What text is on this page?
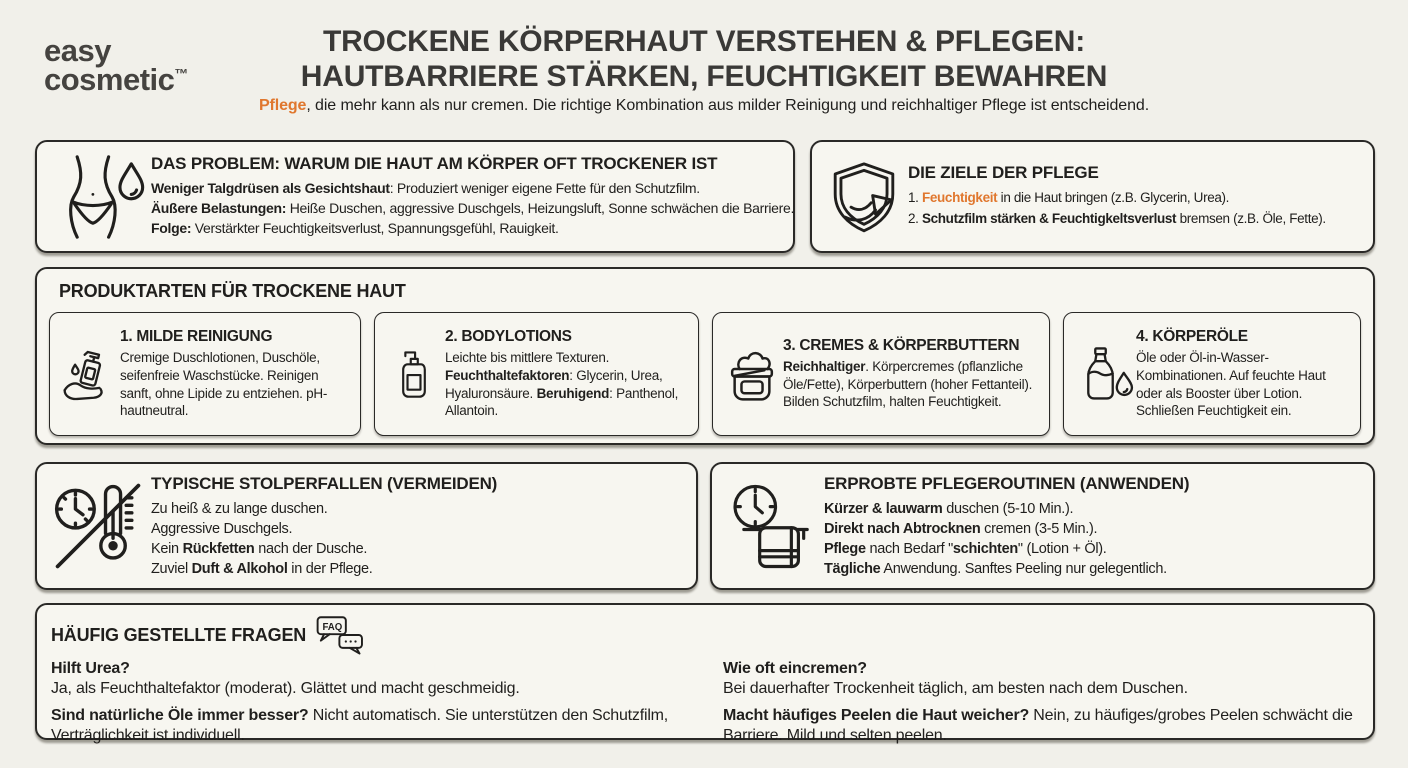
easy
cosmetic™
TROCKENE KÖRPERHAUT VERSTEHEN & PFLEGEN:
HAUTBARRIERE STÄRKEN, FEUCHTIGKEIT BEWAHREN
Pflege, die mehr kann als nur cremen. Die richtige Kombination aus milder Reinigung und reichhaltiger Pflege ist entscheidend.
DAS PROBLEM: WARUM DIE HAUT AM KÖRPER OFT TROCKENER IST
Weniger Talgdrüsen als Gesichtshaut: Produziert weniger eigene Fette für den Schutzfilm.
Äußere Belastungen: Heiße Duschen, aggressive Duschgels, Heizungsluft, Sonne schwächen die Barriere.
Folge: Verstärkter Feuchtigkeitsverlust, Spannungsgefühl, Rauigkeit.
DIE ZIELE DER PFLEGE
1. Feuchtigkeit in die Haut bringen (z.B. Glycerin, Urea).
2. Schutzfilm stärken & Feuchtigkeltsverlust bremsen (z.B. Öle, Fette).
PRODUKTARTEN FÜR TROCKENE HAUT
1. MILDE REINIGUNG
Cremige Duschlotionen, Duschöle, seifenfreie Waschstücke. Reinigen sanft, ohne Lipide zu entziehen. pH-hautneutral.
2. BODYLOTIONS
Leichte bis mittlere Texturen. Feuchthaltefaktoren: Glycerin, Urea, Hyaluronsäure. Beruhigend: Panthenol, Allantoin.
3. CREMES & KÖRPERBUTTERN
Reichhaltiger. Körpercremes (pflanzliche Öle/Fette), Körperbuttern (hoher Fettanteil). Bilden Schutzfilm, halten Feuchtigkeit.
4. KÖRPERÖLE
Öle oder Öl-in-Wasser-Kombinationen. Auf feuchte Haut oder als Booster über Lotion. Schließen Feuchtigkeit ein.
TYPISCHE STOLPERFALLEN (VERMEIDEN)
Zu heiß & zu lange duschen.
Aggressive Duschgels.
Kein Rückfetten nach der Dusche.
Zuviel Duft & Alkohol in der Pflege.
ERPROBTE PFLEGEROUTINEN (ANWENDEN)
Kürzer & lauwarm duschen (5-10 Min.).
Direkt nach Abtrocknen cremen (3-5 Min.).
Pflege nach Bedarf "schichten" (Lotion + Öl).
Tägliche Anwendung. Sanftes Peeling nur gelegentlich.
HÄUFIG GESTELLTE FRAGEN FAQ
Hilft Urea?
Ja, als Feuchthaltefaktor (moderat). Glättet und macht geschmeidig.
Sind natürliche Öle immer besser? Nicht automatisch. Sie unterstützen den Schutzfilm, Verträglichkeit ist individuell.
Wie oft eincremen?
Bei dauerhafter Trockenheit täglich, am besten nach dem Duschen.
Macht häufiges Peelen die Haut weicher? Nein, zu häufiges/grobes Peelen schwächt die Barriere. Mild und selten peelen.
